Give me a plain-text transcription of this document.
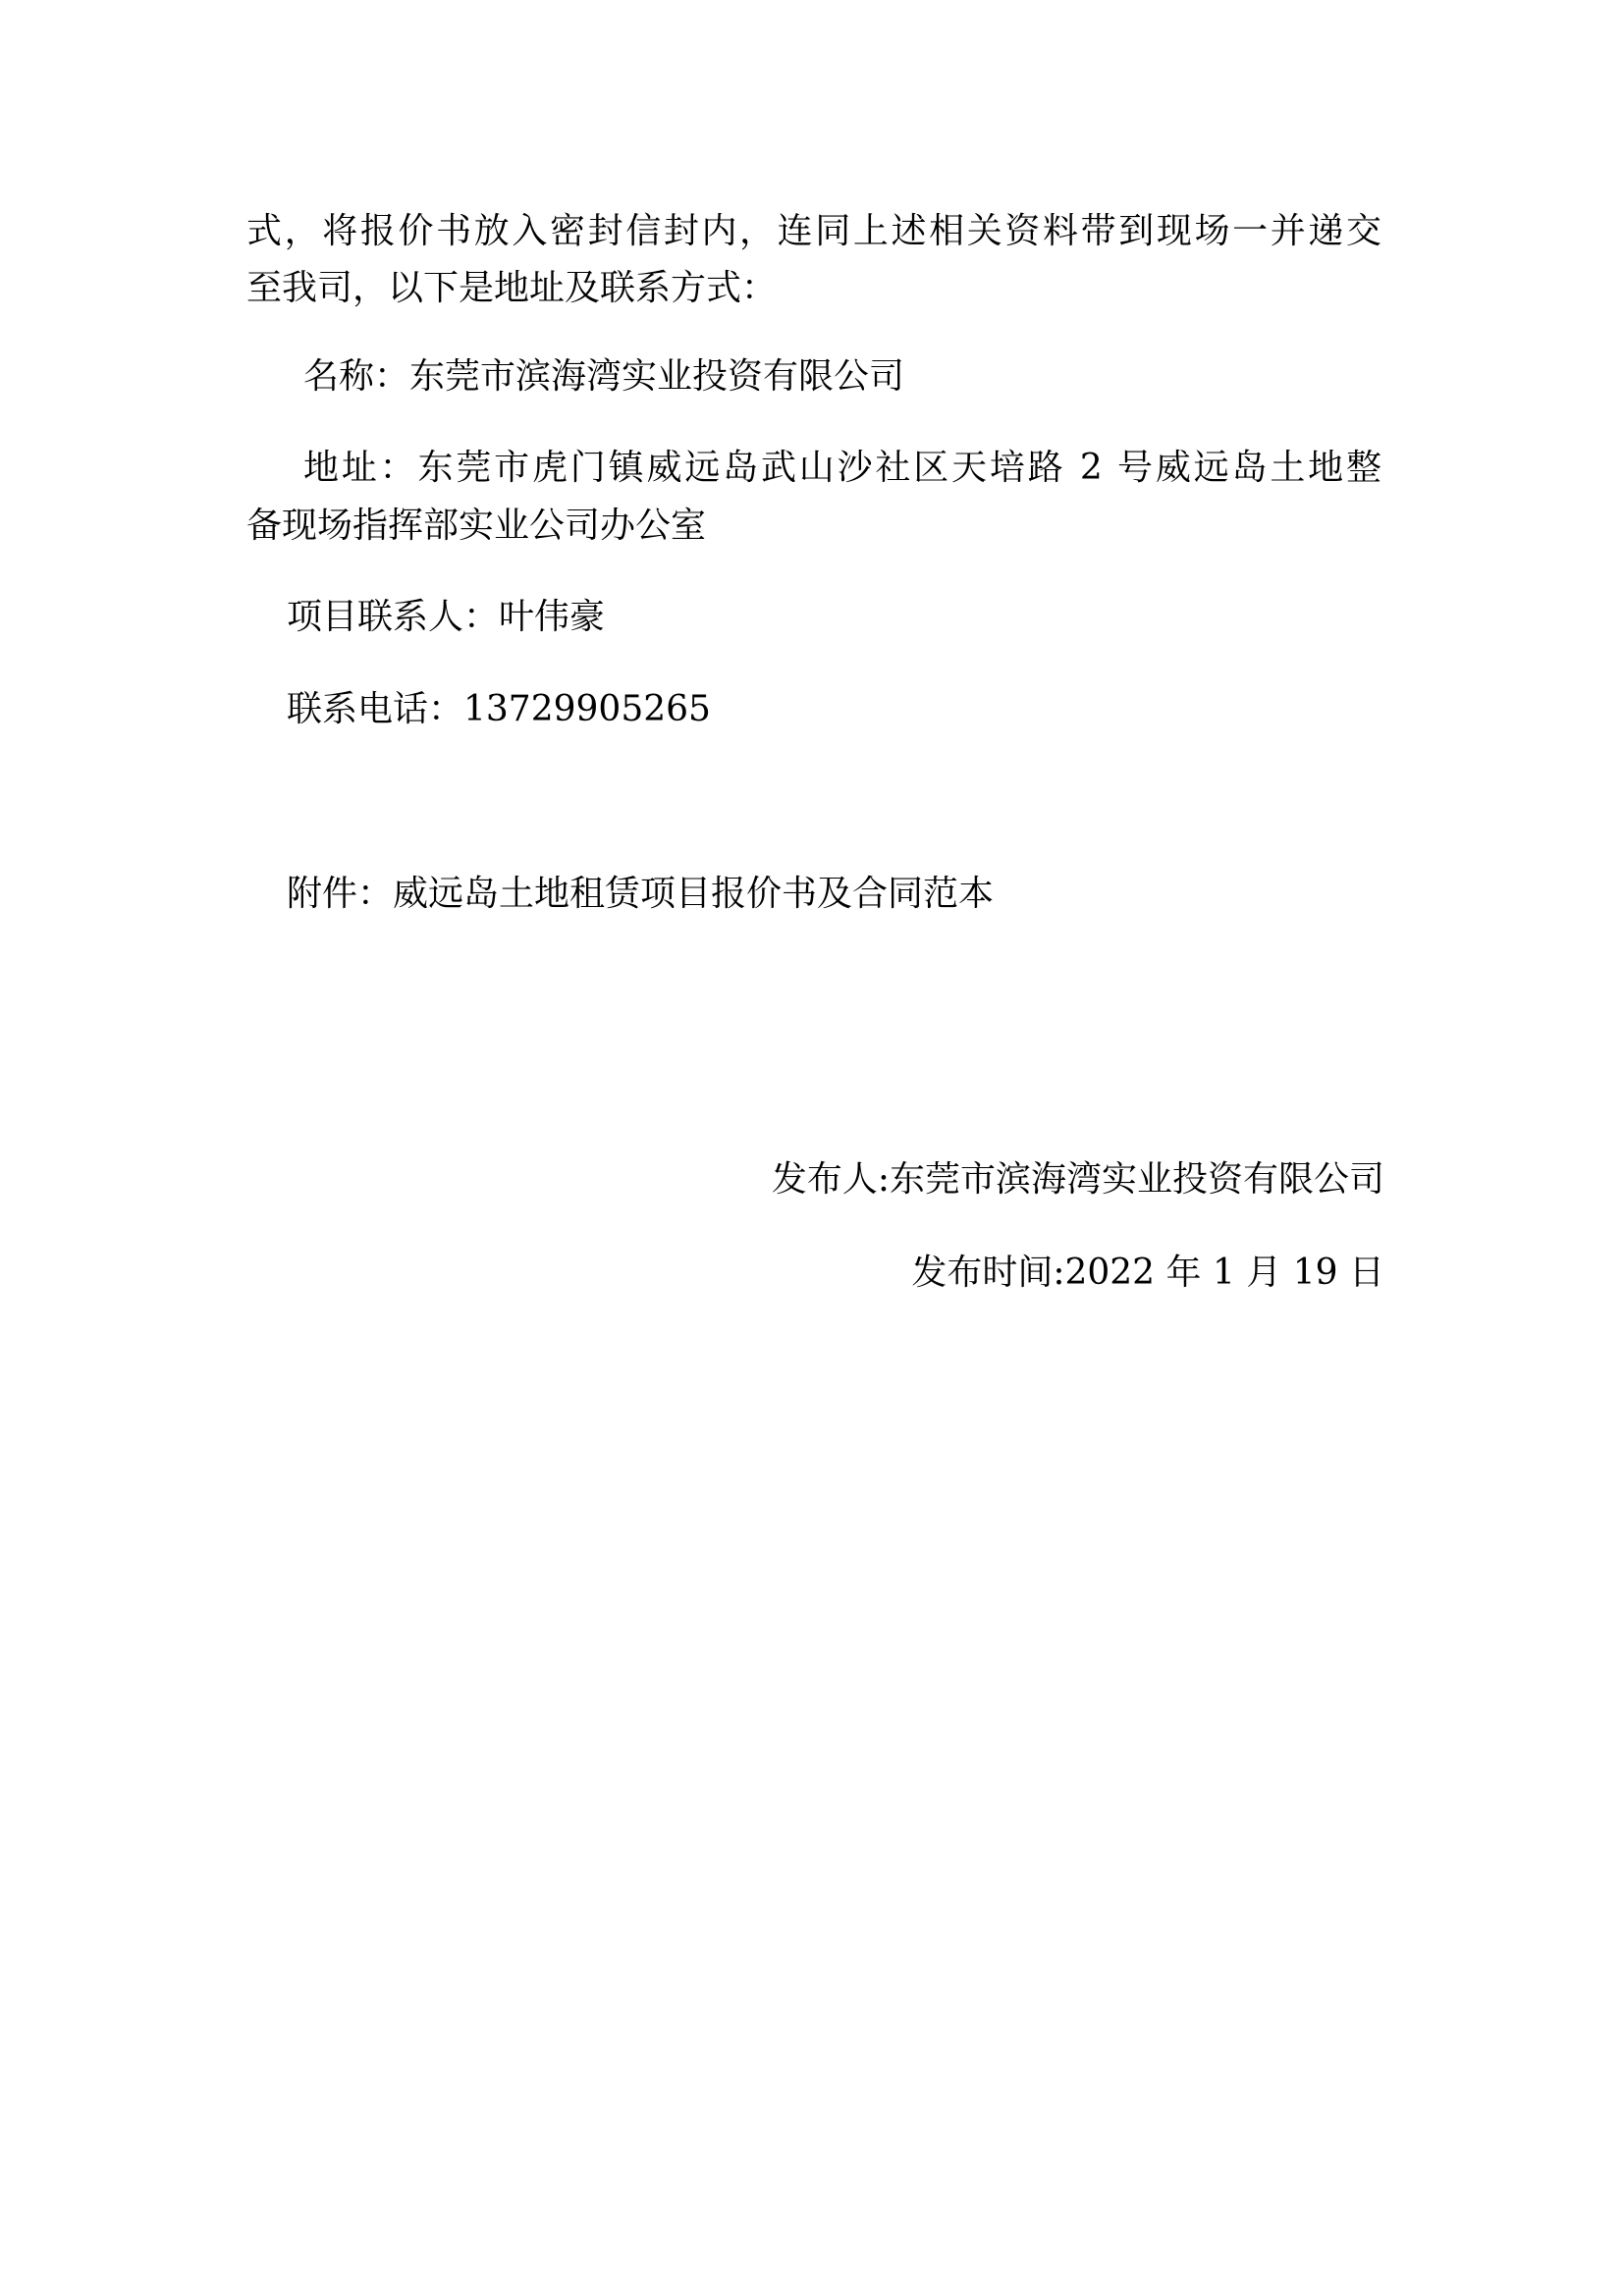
式，将报价书放入密封信封内，连同上述相关资料带到现场一并递交
至我司，以下是地址及联系方式：
名称：东莞市滨海湾实业投资有限公司
地址：东莞市虎门镇威远岛武山沙社区天培路 2 号威远岛土地整
备现场指挥部实业公司办公室
项目联系人：叶伟豪
联系电话：13729905265
附件：威远岛土地租赁项目报价书及合同范本
发布人:东莞市滨海湾实业投资有限公司
发布时间:2022 年 1 月 19 日
